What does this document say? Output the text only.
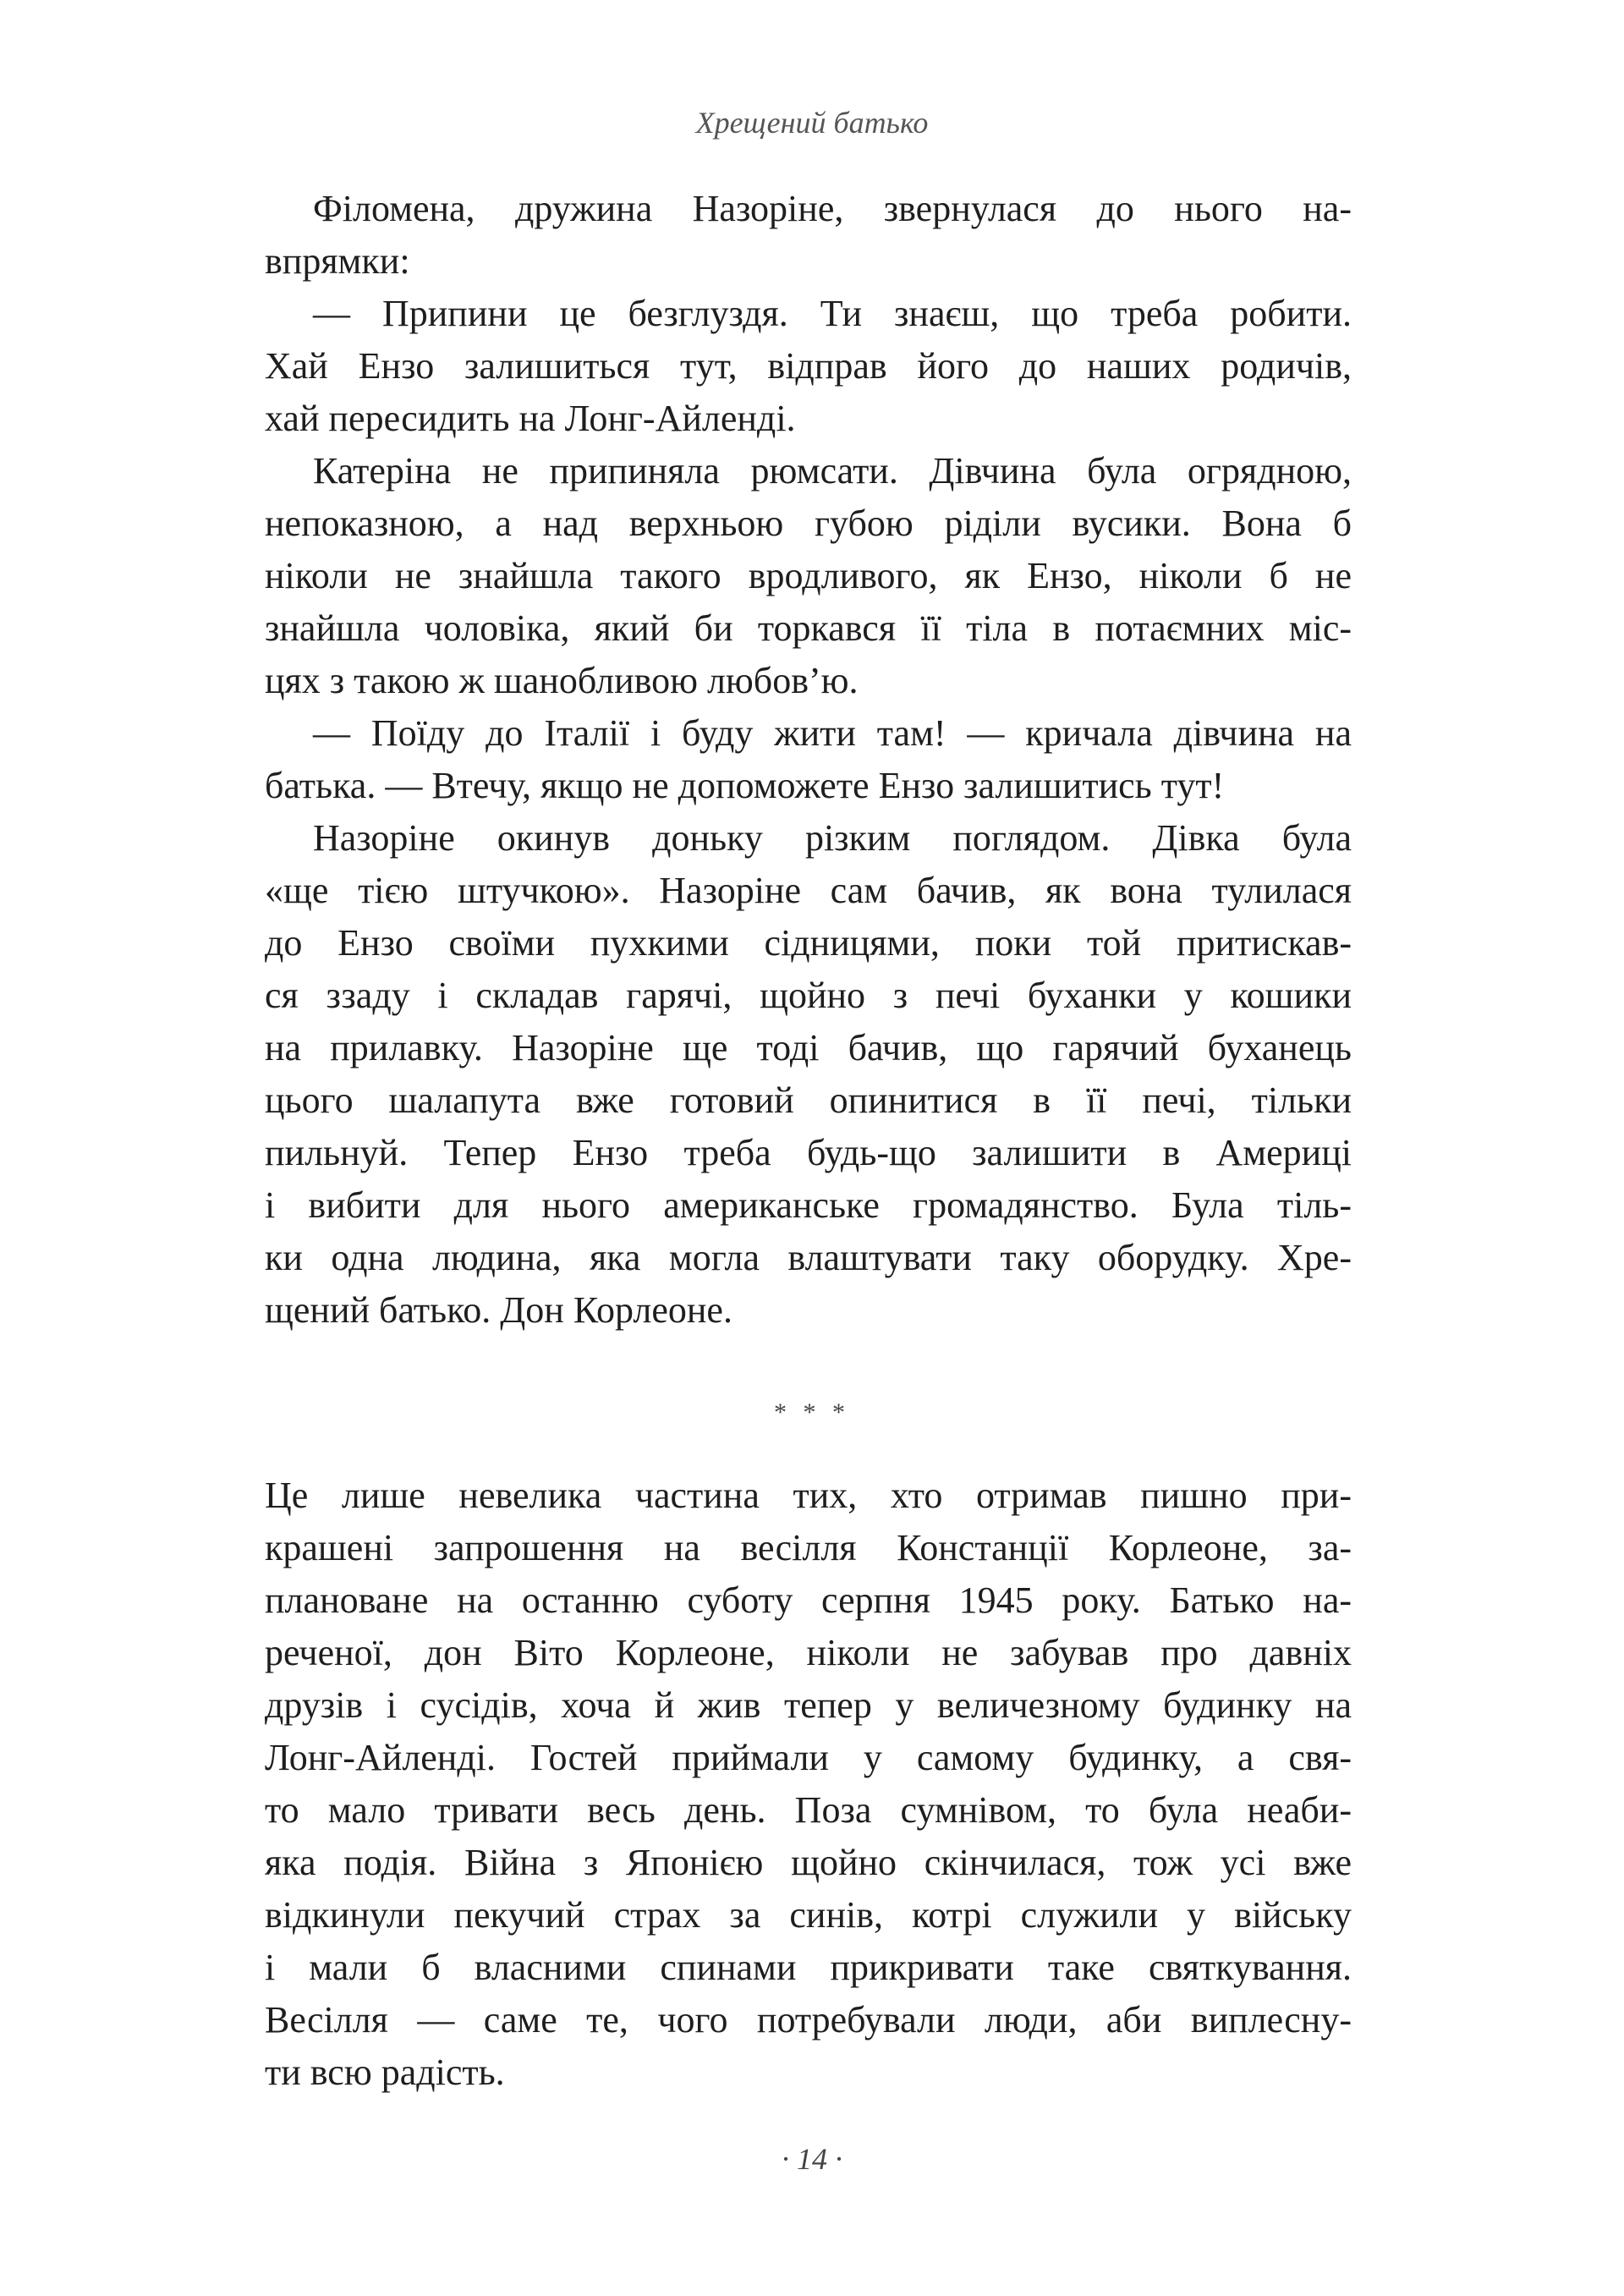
Хрещений батько
Філомена, дружина Назоріне, звернулася до нього на-
впрямки:
— Припини це безглуздя. Ти знаєш, що треба робити.
Хай Ензо залишиться тут, відправ його до наших родичів,
хай пересидить на Лонг-Айленді.
Катеріна не припиняла рюмсати. Дівчина була огрядною,
непоказною, а над верхньою губою ріділи вусики. Вона б
ніколи не знайшла такого вродливого, як Ензо, ніколи б не
знайшла чоловіка, який би торкався її тіла в потаємних міс-
цях з такою ж шанобливою любов’ю.
— Поїду до Італії і буду жити там! — кричала дівчина на
батька. — Втечу, якщо не допоможете Ензо залишитись тут!
Назоріне окинув доньку різким поглядом. Дівка була
«ще тією штучкою». Назоріне сам бачив, як вона тулилася
до Ензо своїми пухкими сідницями, поки той притискав-
ся ззаду і складав гарячі, щойно з печі буханки у кошики
на прилавку. Назоріне ще тоді бачив, що гарячий буханець
цього шалапута вже готовий опинитися в її печі, тільки
пильнуй. Тепер Ензо треба будь-що залишити в Америці
і вибити для нього американське громадянство. Була тіль-
ки одна людина, яка могла влаштувати таку оборудку. Хре-
щений батько. Дон Корлеоне.
* * *
Це лише невелика частина тих, хто отримав пишно при-
крашені запрошення на весілля Констанції Корлеоне, за-
плановане на останню суботу серпня 1945 року. Батько на-
реченої, дон Віто Корлеоне, ніколи не забував про давніх
друзів і сусідів, хоча й жив тепер у величезному будинку на
Лонг-Айленді. Гостей приймали у самому будинку, а свя-
то мало тривати весь день. Поза сумнівом, то була неаби-
яка подія. Війна з Японією щойно скінчилася, тож усі вже
відкинули пекучий страх за синів, котрі служили у війську
і мали б власними спинами прикривати таке святкування.
Весілля — саме те, чого потребували люди, аби виплесну-
ти всю радість.
· 14 ·
